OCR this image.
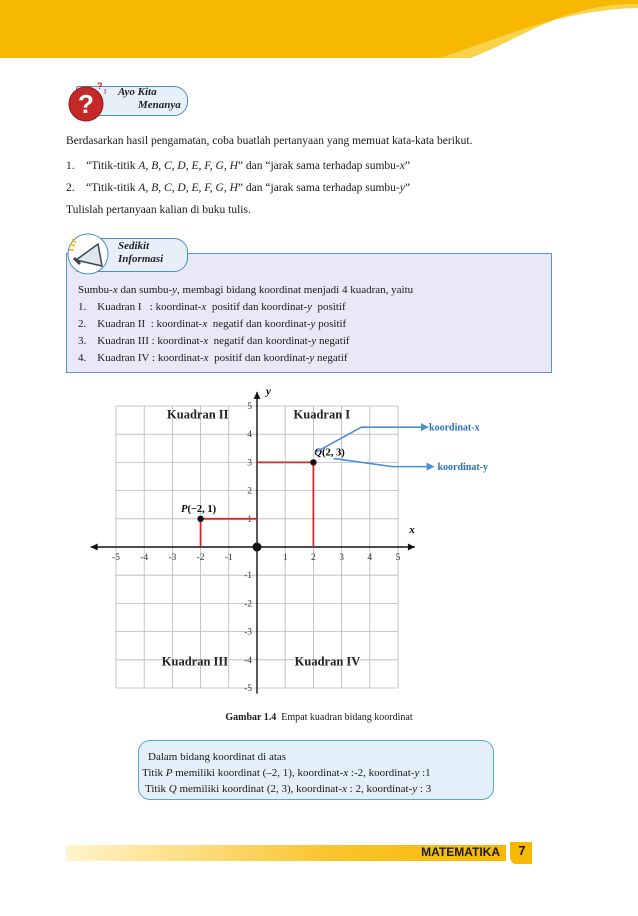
?
?
! Ayo Kita
Menanya
Berdasarkan hasil pengamatan, coba buatlah pertanyaan yang memuat kata-kata berikut.
1. “Titik-titik A, B, C, D, E, F, G, H” dan “jarak sama terhadap sumbu-x”
2. “Titik-titik A, B, C, D, E, F, G, H” dan “jarak sama terhadap sumbu-y”
Tulislah pertanyaan kalian di buku tulis.
Sedikit
Informasi
Sumbu-x dan sumbu-y, membagi bidang koordinat menjadi 4 kuadran, yaitu
1. Kuadran I   : koordinat-x  positif dan koordinat-y  positif
2. Kuadran II  : koordinat-x  negatif dan koordinat-y positif
3. Kuadran III : koordinat-x  negatif dan koordinat-y negatif
4. Kuadran IV : koordinat-x  positif dan koordinat-y negatif
x
y
-5 -4 -3 -2 -1	1 2 3 4 5
5
4
3
2
1
-1
-2
-3
-4
-5
P(−2, 1)
Q(2, 3)
Kuadran I
Kuadran II
Kuadran III	Kuadran IV
koordinat-x
koordinat-y
Gambar 1.4  Empat kuadran bidang koordinat
Dalam bidang koordinat di atas
Titik P memiliki koordinat (–2, 1), koordinat-x :-2, koordinat-y :1
Titik Q memiliki koordinat (2, 3), koordinat-x : 2, koordinat-y : 3
MATEMATIKA	7
